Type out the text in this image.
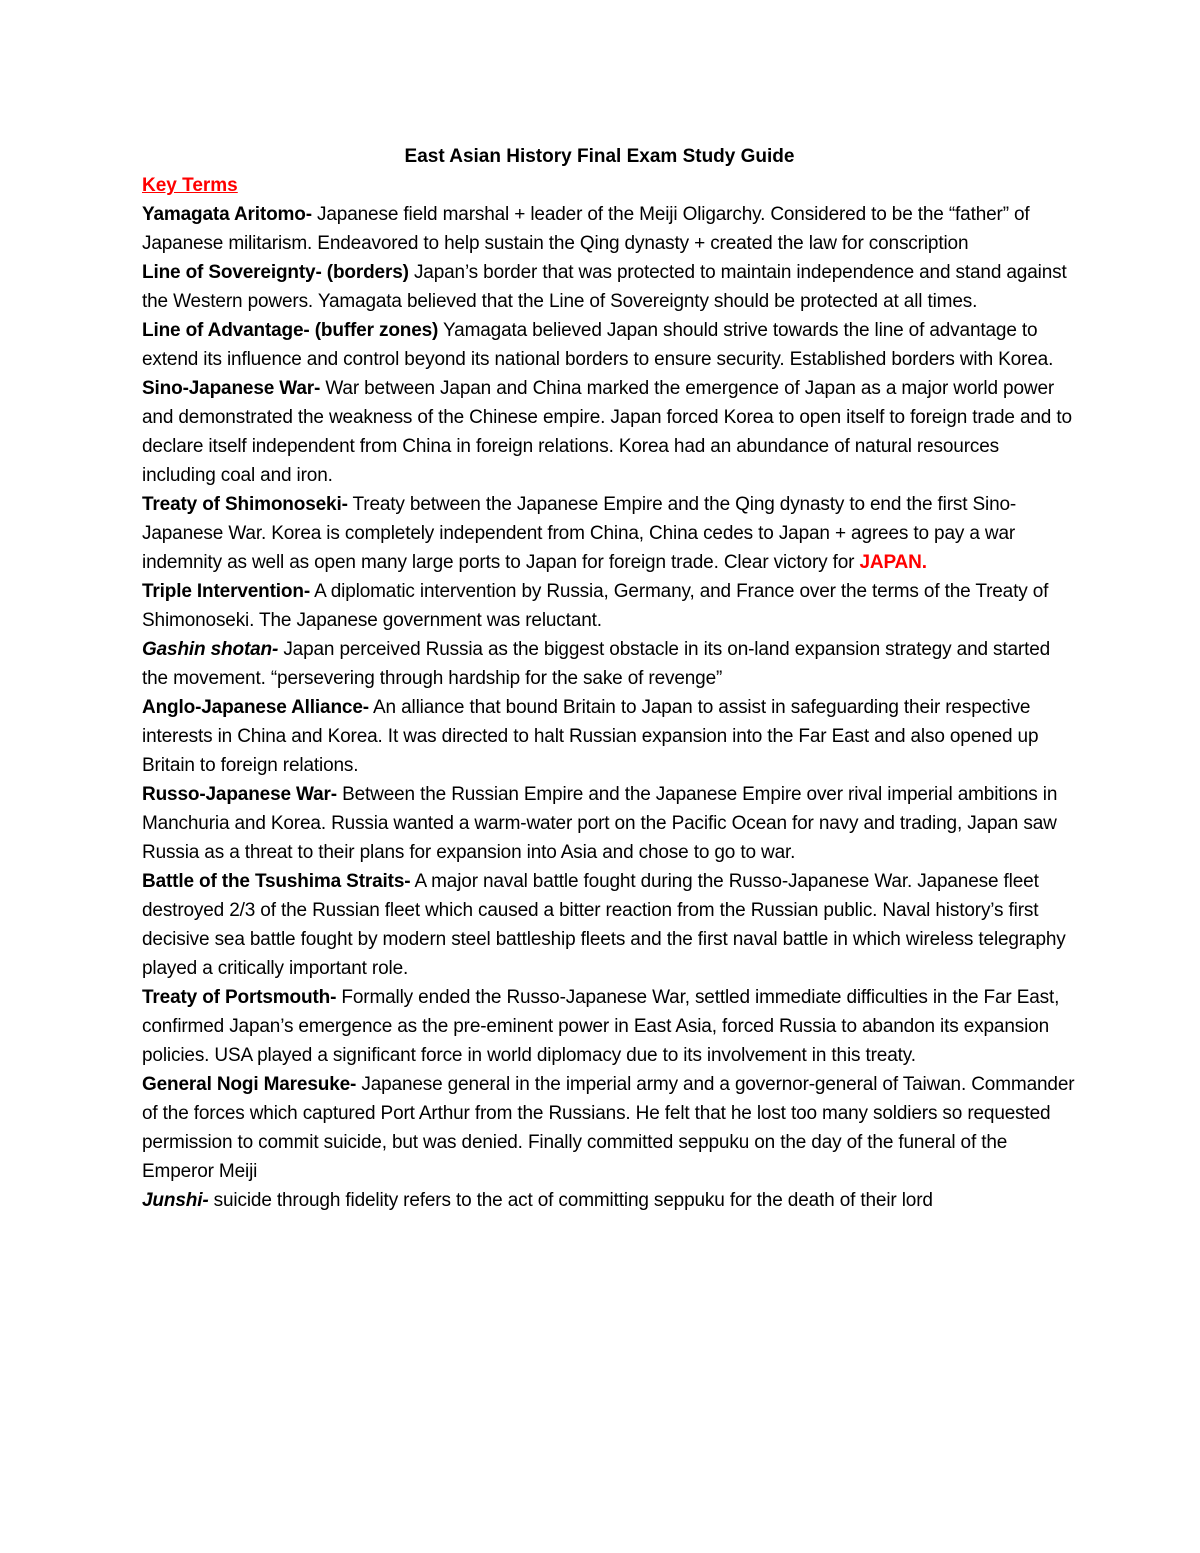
East Asian History Final Exam Study Guide

Key Terms

Yamagata Aritomo- Japanese field marshal + leader of the Meiji Oligarchy. Considered to be the “father” of Japanese militarism. Endeavored to help sustain the Qing dynasty + created the law for conscription

Line of Sovereignty- (borders) Japan’s border that was protected to maintain independence and stand against the Western powers. Yamagata believed that the Line of Sovereignty should be protected at all times.

Line of Advantage- (buffer zones) Yamagata believed Japan should strive towards the line of advantage to extend its influence and control beyond its national borders to ensure security. Established borders with Korea.

Sino-Japanese War- War between Japan and China marked the emergence of Japan as a major world power and demonstrated the weakness of the Chinese empire. Japan forced Korea to open itself to foreign trade and to declare itself independent from China in foreign relations. Korea had an abundance of natural resources including coal and iron.

Treaty of Shimonoseki- Treaty between the Japanese Empire and the Qing dynasty to end the first Sino-Japanese War. Korea is completely independent from China, China cedes to Japan + agrees to pay a war indemnity as well as open many large ports to Japan for foreign trade. Clear victory for JAPAN.

Triple Intervention- A diplomatic intervention by Russia, Germany, and France over the terms of the Treaty of Shimonoseki. The Japanese government was reluctant.

Gashin shotan- Japan perceived Russia as the biggest obstacle in its on-land expansion strategy and started the movement. “persevering through hardship for the sake of revenge”

Anglo-Japanese Alliance- An alliance that bound Britain to Japan to assist in safeguarding their respective interests in China and Korea. It was directed to halt Russian expansion into the Far East and also opened up Britain to foreign relations.

Russo-Japanese War- Between the Russian Empire and the Japanese Empire over rival imperial ambitions in Manchuria and Korea. Russia wanted a warm-water port on the Pacific Ocean for navy and trading, Japan saw Russia as a threat to their plans for expansion into Asia and chose to go to war.

Battle of the Tsushima Straits- A major naval battle fought during the Russo-Japanese War. Japanese fleet destroyed 2/3 of the Russian fleet which caused a bitter reaction from the Russian public. Naval history’s first decisive sea battle fought by modern steel battleship fleets and the first naval battle in which wireless telegraphy played a critically important role.

Treaty of Portsmouth- Formally ended the Russo-Japanese War, settled immediate difficulties in the Far East, confirmed Japan’s emergence as the pre-eminent power in East Asia, forced Russia to abandon its expansion policies. USA played a significant force in world diplomacy due to its involvement in this treaty.

General Nogi Maresuke- Japanese general in the imperial army and a governor-general of Taiwan. Commander of the forces which captured Port Arthur from the Russians. He felt that he lost too many soldiers so requested permission to commit suicide, but was denied. Finally committed seppuku on the day of the funeral of the Emperor Meiji

Junshi- suicide through fidelity refers to the act of committing seppuku for the death of their lord
